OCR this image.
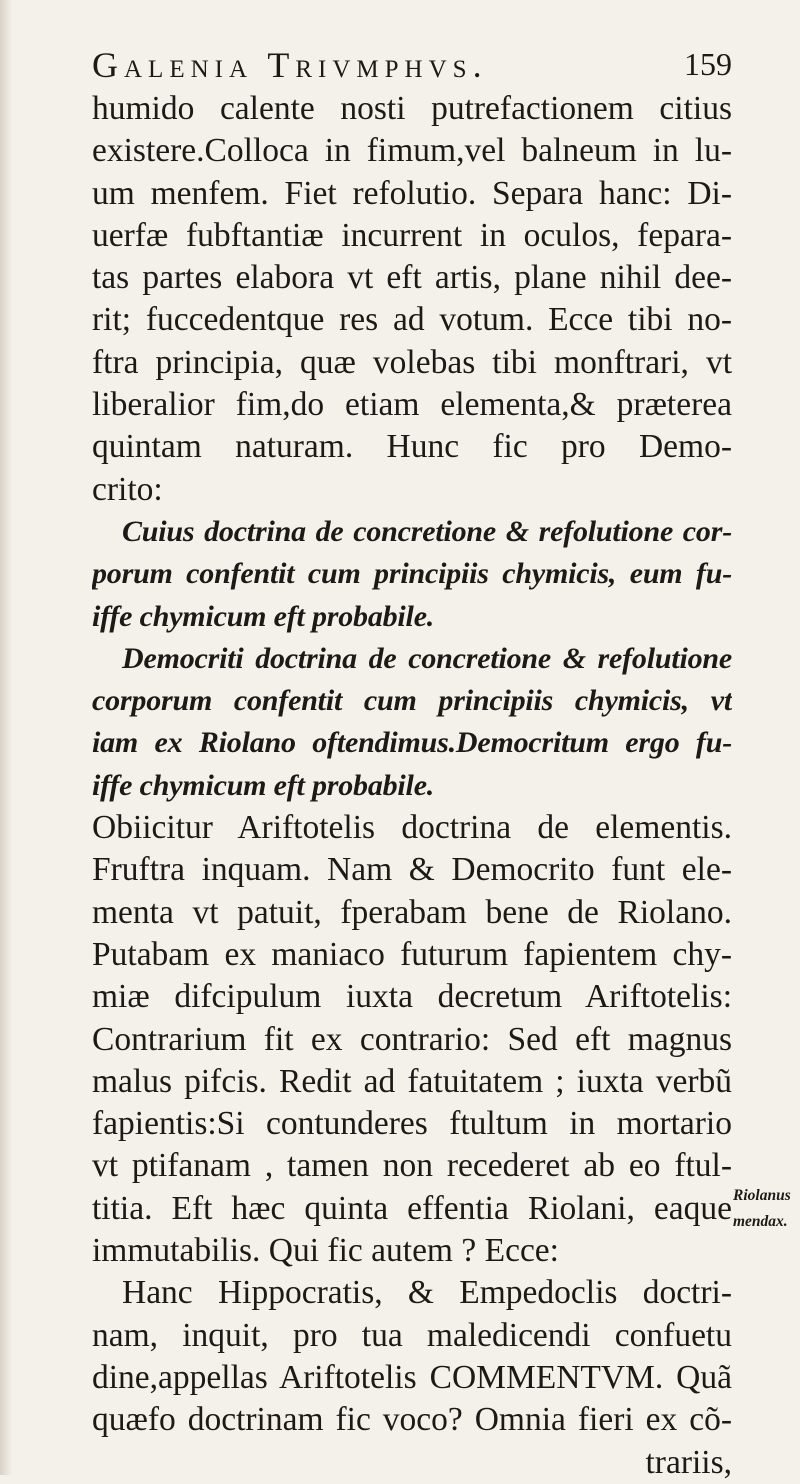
Galenia Trivmphvs.	159
humido calente nosti putrefactionem citius
existere.Colloca in fimum,vel balneum in lu-
um menfem. Fiet refolutio. Separa hanc: Di-
uerfæ fubftantiæ incurrent in oculos, fepara-
tas partes elabora vt eft artis, plane nihil dee-
rit; fuccedentque res ad votum. Ecce tibi no-
ftra principia, quæ volebas tibi monftrari, vt
liberalior fim,do etiam elementa,& præterea
quintam naturam. Hunc fic pro Demo-
crito:
Cuius doctrina de concretione & refolutione cor-
porum confentit cum principiis chymicis, eum fu-
iffe chymicum eft probabile.
Democriti doctrina de concretione & refolutione
corporum confentit cum principiis chymicis, vt
iam ex Riolano oftendimus.Democritum ergo fu-
iffe chymicum eft probabile.
Obiicitur Ariftotelis doctrina de elementis.
Fruftra inquam. Nam & Democrito funt ele-
menta vt patuit, fperabam bene de Riolano.
Putabam ex maniaco futurum fapientem chy-
miæ difcipulum iuxta decretum Ariftotelis:
Contrarium fit ex contrario: Sed eft magnus
malus pifcis. Redit ad fatuitatem ; iuxta verbũ
fapientis:Si contunderes ftultum in mortario
vt ptifanam , tamen non recederet ab eo ftul-
titia. Eft hæc quinta effentia Riolani, eaque
immutabilis. Qui fic autem ? Ecce:
Hanc Hippocratis, & Empedoclis doctri-
nam, inquit, pro tua maledicendi confuetu
dine,appellas Ariftotelis COMMENTVM. Quã
quæfo doctrinam fic voco? Omnia fieri ex cõ-
trariis,
Riolanus
mendax.
